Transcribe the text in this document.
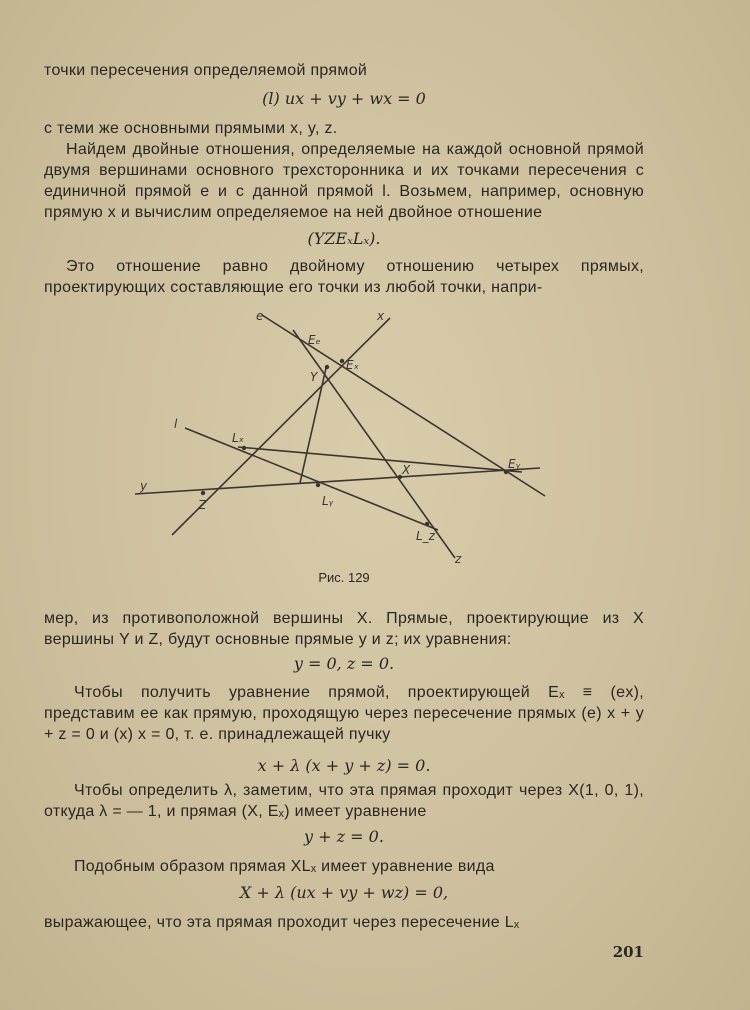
точки пересечения определяемой прямой
(l) ux + vy + wx = 0
с теми же основными прямыми x, y, z.
Найдем двойные отношения, определяемые на каждой основной прямой двумя вершинами основного трехсторонника и их точками пересечения с единичной прямой e и с данной прямой l. Возьмем, например, основную прямую x и вычислим определяемое на ней двойное отношение
(YZEₓLₓ).
Это отношение равно двойному отношению четырех прямых, проектирующих составляющие его точки из любой точки, напри-
e	x
Eₑ
Eₓ
Y
l
Lₓ
X	Eᵧ
y
Z	Lᵧ
L_z
z
Рис. 129
мер, из противоположной вершины X. Прямые, проектирующие из X вершины Y и Z, будут основные прямые y и z; их уравнения:
y = 0, z = 0.
Чтобы получить уравнение прямой, проектирующей Eₓ ≡ (ex), представим ее как прямую, проходящую через пересечение прямых (e) x + y + z = 0 и (x) x = 0, т. е. принадлежащей пучку
x + λ (x + y + z) = 0.
Чтобы определить λ, заметим, что эта прямая проходит через X(1, 0, 1), откуда λ = — 1, и прямая (X, Eₓ) имеет уравнение
y + z = 0.
Подобным образом прямая XLₓ имеет уравнение вида
X + λ (ux + vy + wz) = 0,
выражающее, что эта прямая проходит через пересечение Lₓ
201
